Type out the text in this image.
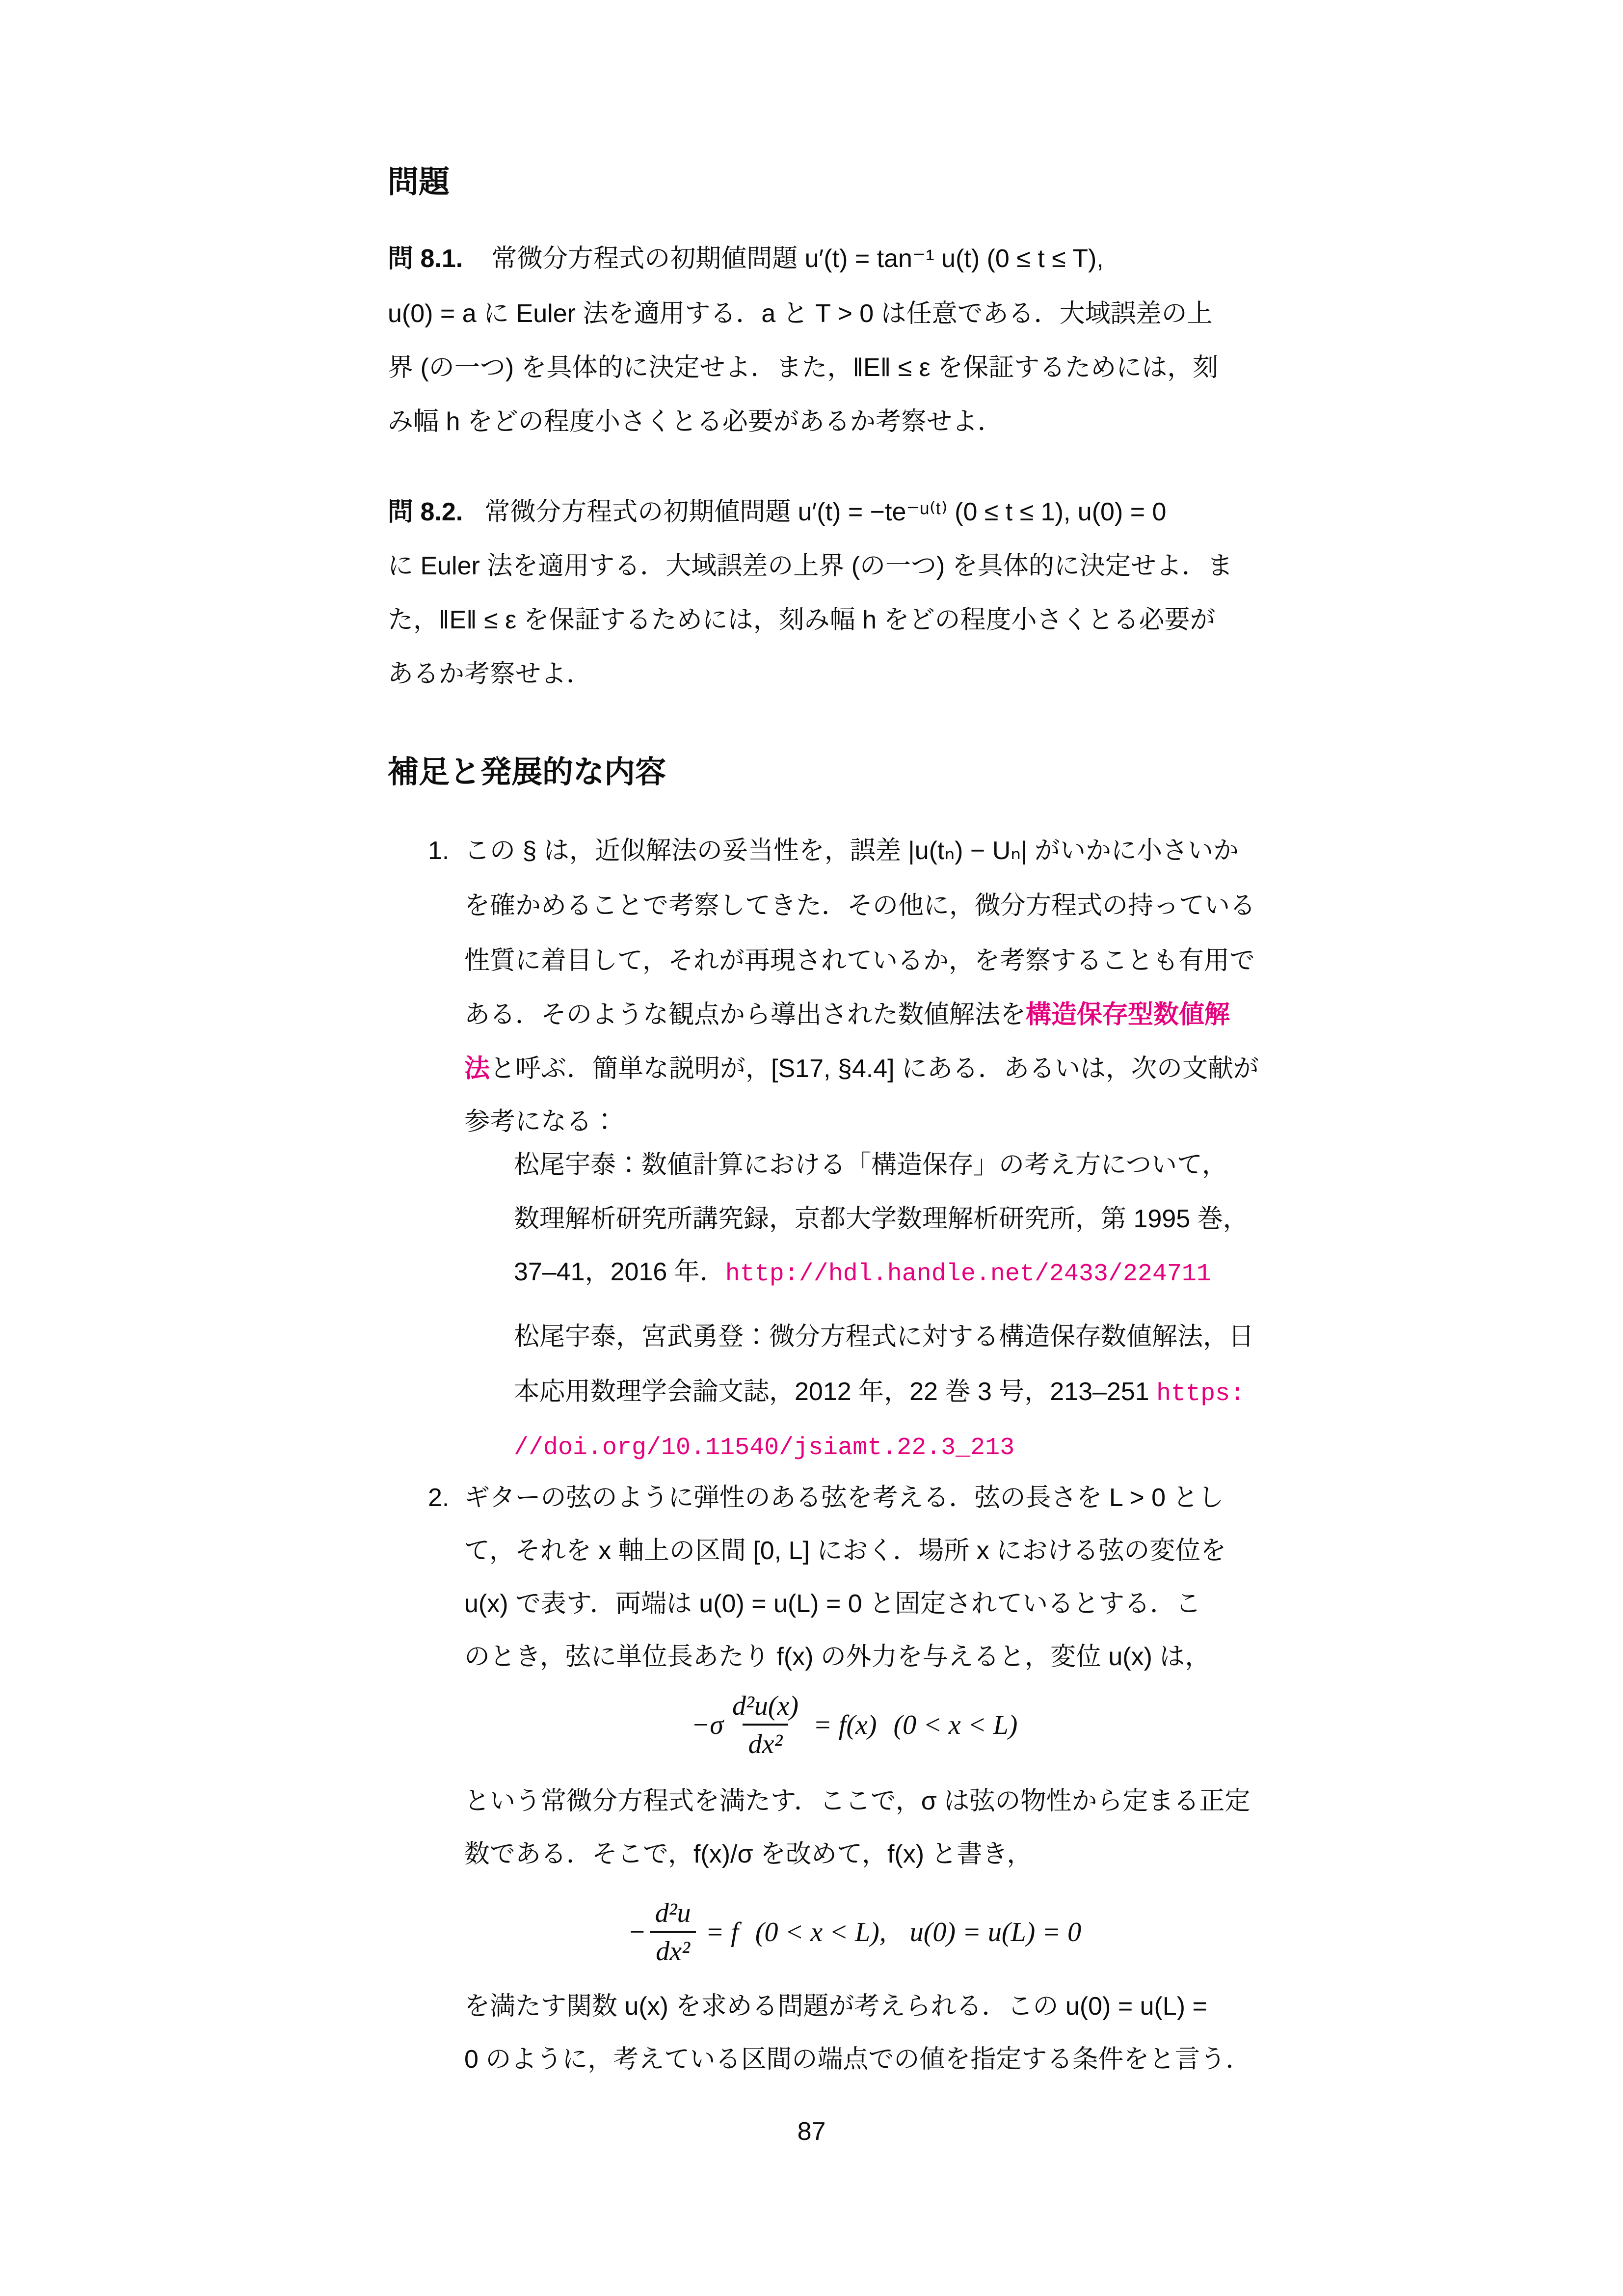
問題
問 8.1. 常微分方程式の初期値問題 u′(t) = tan⁻¹ u(t) (0 ≤ t ≤ T),
u(0) = a に Euler 法を適用する．a と T > 0 は任意である．大域誤差の上
界 (の一つ) を具体的に決定せよ．また，‖E‖ ≤ ε を保証するためには，刻
み幅 h をどの程度小さくとる必要があるか考察せよ．
問 8.2. 常微分方程式の初期値問題 u′(t) = −te⁻ᵘ⁽ᵗ⁾ (0 ≤ t ≤ 1), u(0) = 0
に Euler 法を適用する．大域誤差の上界 (の一つ) を具体的に決定せよ．ま
た，‖E‖ ≤ ε を保証するためには，刻み幅 h をどの程度小さくとる必要が
あるか考察せよ．
補足と発展的な内容
1. この § は，近似解法の妥当性を，誤差 |u(tₙ) − Uₙ| がいかに小さいか
を確かめることで考察してきた．その他に，微分方程式の持っている
性質に着目して，それが再現されているか，を考察することも有用で
ある．そのような観点から導出された数値解法を構造保存型数値解
法と呼ぶ．簡単な説明が，[S17, §4.4] にある．あるいは，次の文献が
参考になる：
松尾宇泰：数値計算における「構造保存」の考え方について，
数理解析研究所講究録，京都大学数理解析研究所，第 1995 巻，
37–41，2016 年．http://hdl.handle.net/2433/224711
松尾宇泰，宮武勇登：微分方程式に対する構造保存数値解法，日
本応用数理学会論文誌，2012 年，22 巻 3 号，213–251 https:
//doi.org/10.11540/jsiamt.22.3_213
2. ギターの弦のように弾性のある弦を考える．弦の長さを L > 0 とし
て，それを x 軸上の区間 [0, L] におく．場所 x における弦の変位を
u(x) で表す．両端は u(0) = u(L) = 0 と固定されているとする．こ
のとき，弦に単位長あたり f(x) の外力を与えると，変位 u(x) は，
$-\sigma \frac{\text{d²u(x)}}{\text{dx²}} = f(x) (0 < x < L)$
という常微分方程式を満たす．ここで，σ は弦の物性から定まる正定
数である．そこで，f(x)/σ を改めて，f(x) と書き，
− $\frac{\text{d²u}}{\text{dx²}} = f$ (0 < x < L), u(0) = u(L) = 0
を満たす関数 u(x) を求める問題が考えられる．この u(0) = u(L) =
0 のように，考えている区間の端点での値を指定する条件をと言う．
87
